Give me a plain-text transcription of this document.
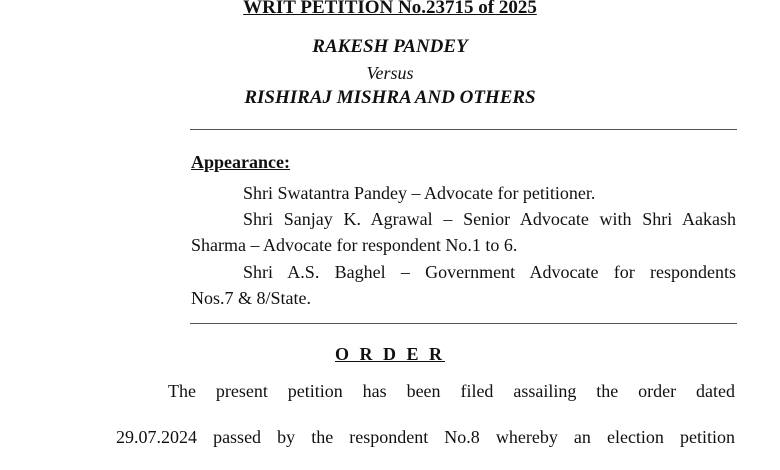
WRIT PETITION No.23715 of 2025
RAKESH PANDEY
Versus
RISHIRAJ MISHRA AND OTHERS
Appearance:
Shri Swatantra Pandey – Advocate for petitioner.
Shri Sanjay K. Agrawal – Senior Advocate with Shri Aakash
Sharma – Advocate for respondent No.1 to 6.
Shri A.S. Baghel – Government Advocate for respondents
Nos.7 & 8/State.
O R D E R
The present petition has been filed assailing the order dated
29.07.2024 passed by the respondent No.8 whereby an election petition
